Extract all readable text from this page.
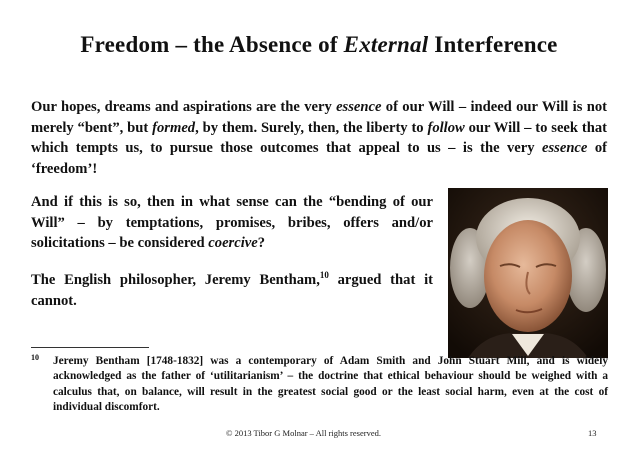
Freedom – the Absence of External Interference
Our hopes, dreams and aspirations are the very essence of our Will – indeed our Will is not merely “bent”, but formed, by them. Surely, then, the liberty to follow our Will – to seek that which tempts us, to pursue those outcomes that appeal to us – is the very essence of ‘freedom’!
And if this is so, then in what sense can the “bending of our Will” – by temptations, promises, bribes, offers and/or solicitations – be considered coercive?
The English philosopher, Jeremy Bentham,$^{10}$ argued that it cannot.
10 Jeremy Bentham [1748-1832] was a contemporary of Adam Smith and John Stuart Mill, and is widely acknowledged as the father of ‘utilitarianism’ – the doctrine that ethical behaviour should be weighed with a calculus that, on balance, will result in the greatest social good or the least social harm, even at the cost of individual discomfort.
© 2013 Tibor G Molnar – All rights reserved.	13
